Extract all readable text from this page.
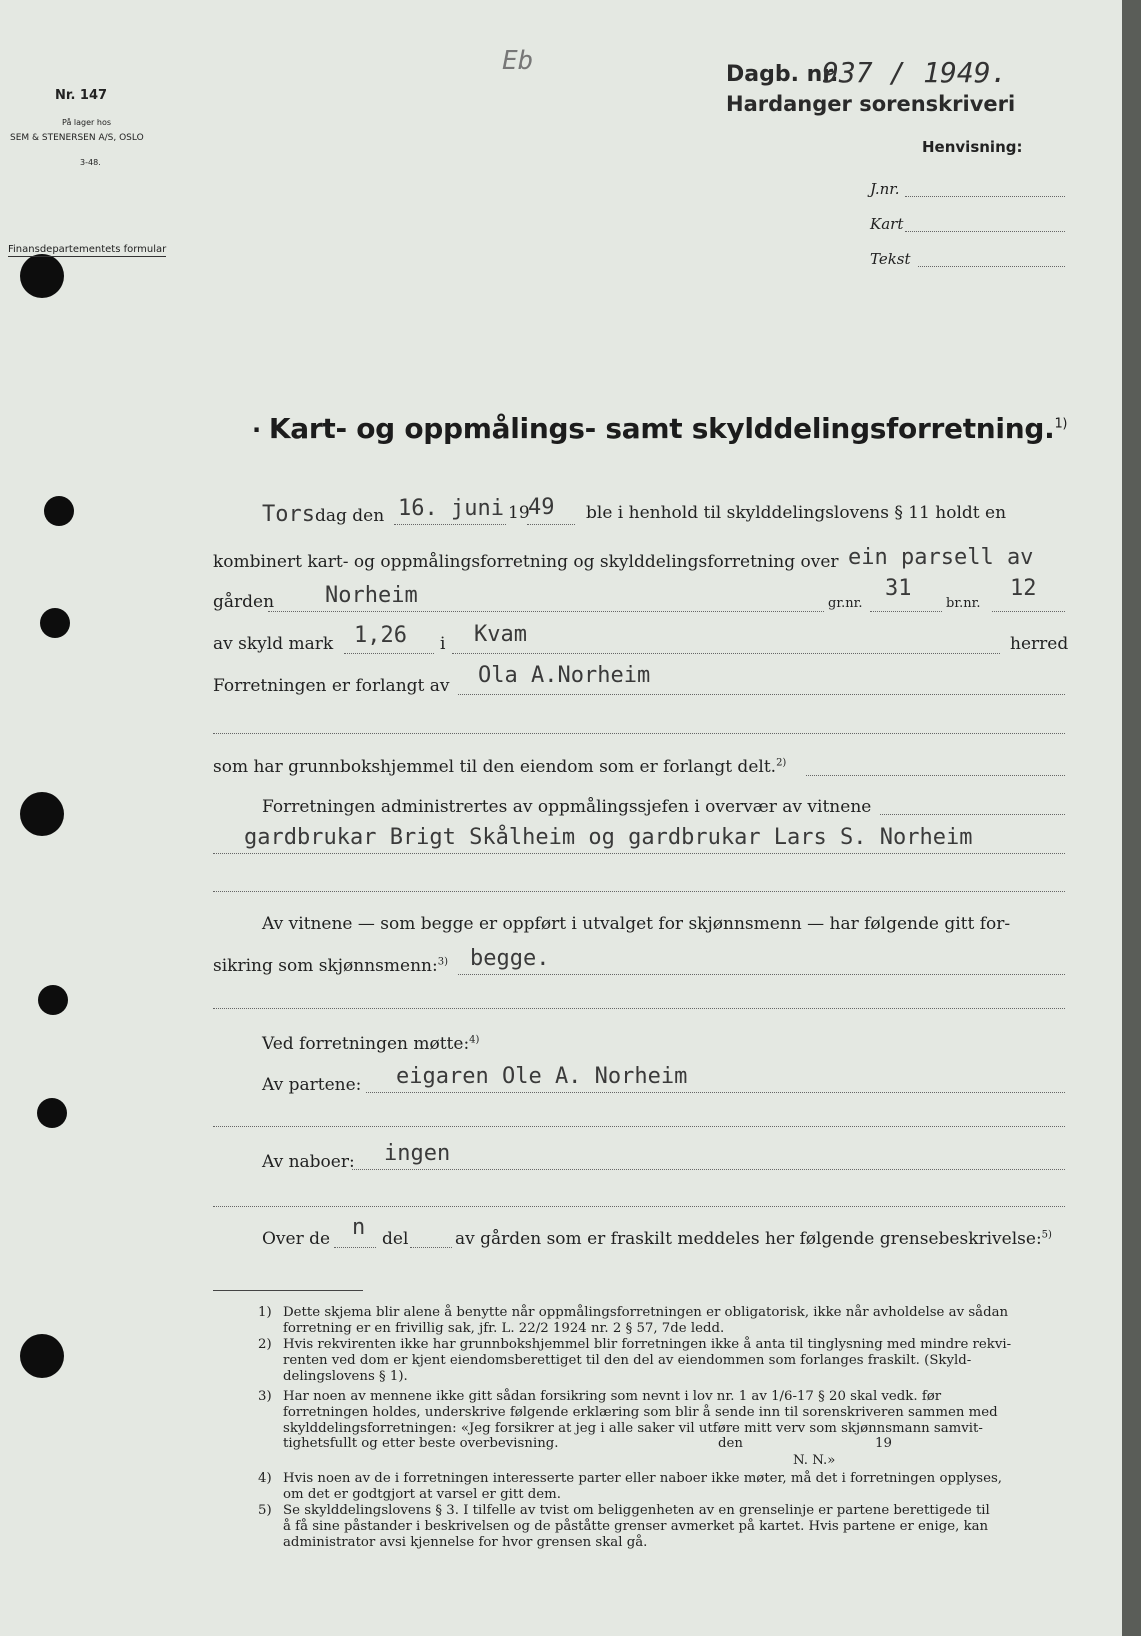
Nr. 147
På lager hos
SEM & STENERSEN A/S, OSLO
3-48.
Finansdepartementets formular
Eb	Dagb. nr.
937 / 1949.
Hardanger sorenskriveri
Henvisning:
J.nr.
Kart
Tekst
· Kart- og oppmålings- samt skylddelingsforretning.$^{1)}$
Torsdag den 16. juni 19
49 ble i henhold til skylddelingslovens § 11 holdt en
kombinert kart- og oppmålingsforretning og skylddelingsforretning over ein parsell av
gården Norheim	gr.nr.
31
br.nr.
12
av skyld mark 1,26 i Kvam	herred
Forretningen er forlangt av Ola A.Norheim
som har grunnbokshjemmel til den eiendom som er forlangt delt.$^{2)}$
Forretningen administrertes av oppmålingssjefen i overvær av vitnene
gardbrukar Brigt Skålheim og gardbrukar Lars S. Norheim
Av vitnene — som begge er oppført i utvalget for skjønnsmenn — har følgende gitt for-
sikring som skjønnsmenn:$^{3)}$ begge.
Ved forretningen møtte:$^{4)}$
Av partene: eigaren Ole A. Norheim
Av naboer: ingen
Over de n del	av gården som er fraskilt meddeles her følgende grensebeskrivelse:$^{5)}$
1) Dette skjema blir alene å benytte når oppmålingsforretningen er obligatorisk, ikke når avholdelse av sådan
forretning er en frivillig sak, jfr. L. 22/2 1924 nr. 2 § 57, 7de ledd.
2) Hvis rekvirenten ikke har grunnbokshjemmel blir forretningen ikke å anta til tinglysning med mindre rekvi-
renten ved dom er kjent eiendomsberettiget til den del av eiendommen som forlanges fraskilt. (Skyld-
delingslovens § 1).
3) Har noen av mennene ikke gitt sådan forsikring som nevnt i lov nr. 1 av 1/6-17 § 20 skal vedk. før
forretningen holdes, underskrive følgende erklæring som blir å sende inn til sorenskriveren sammen med
skylddelingsforretningen: «Jeg forsikrer at jeg i alle saker vil utføre mitt verv som skjønnsmann samvit-
tighetsfullt og etter beste overbevisning.	den	19
N. N.»
4) Hvis noen av de i forretningen interesserte parter eller naboer ikke møter, må det i forretningen opplyses,
om det er godtgjort at varsel er gitt dem.
5) Se skylddelingslovens § 3. I tilfelle av tvist om beliggenheten av en grenselinje er partene berettigede til
å få sine påstander i beskrivelsen og de påståtte grenser avmerket på kartet. Hvis partene er enige, kan
administrator avsi kjennelse for hvor grensen skal gå.
